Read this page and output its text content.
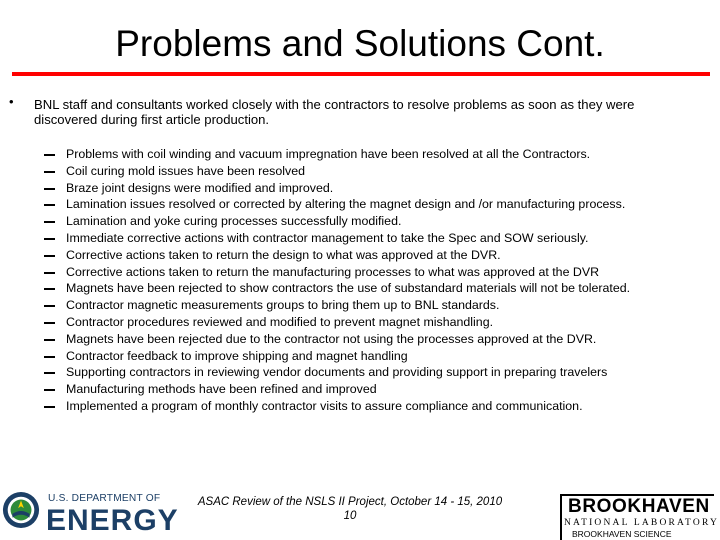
Problems and Solutions Cont.
• BNL staff and consultants worked closely with the contractors to resolve problems as soon as they were discovered during first article production.
Problems with coil winding and vacuum impregnation have been resolved at all the Contractors.
Coil curing mold issues have been resolved
Braze joint designs were modified and improved.
Lamination issues resolved or corrected by altering the magnet design and /or manufacturing process.
Lamination and yoke curing processes successfully modified.
Immediate corrective actions with contractor management to take the Spec and SOW seriously.
Corrective actions taken to return the design to what was approved at the DVR.
Corrective actions taken to return the manufacturing processes to what was approved at the DVR
Magnets have been rejected to show contractors the use of substandard materials will not be tolerated.
Contractor magnetic measurements groups to bring them up to BNL standards.
Contractor procedures reviewed and modified to prevent magnet mishandling.
Magnets have been rejected due to the contractor not using the processes approved at the DVR.
Contractor feedback to improve shipping and magnet handling
Supporting contractors in reviewing vendor documents and providing support in preparing travelers
Manufacturing methods have been refined and improved
Implemented a program of monthly contractor visits to assure compliance and communication.
U.S. DEPARTMENT OF
ENERGY
ASAC Review of the NSLS II Project, October 14 - 15, 2010
10	BROOKHAVEN
NATIONAL LABORATORY
BROOKHAVEN SCIENCE
